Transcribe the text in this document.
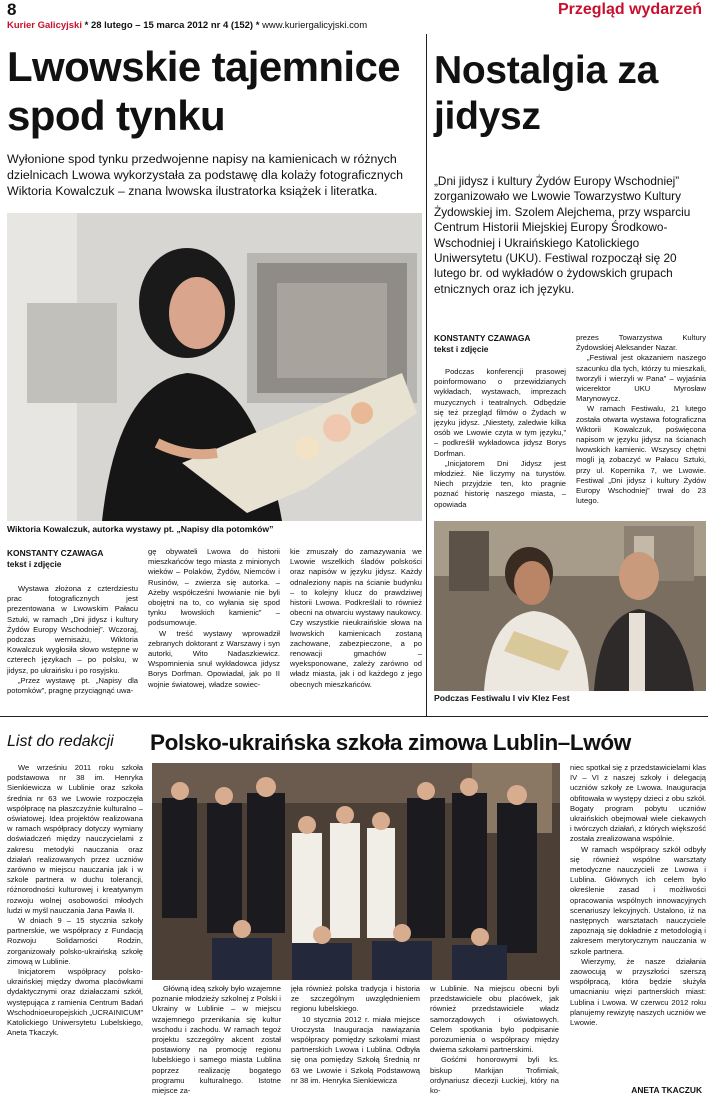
8
Kurier Galicyjski * 28 lutego – 15 marca 2012 nr 4 (152) * www.kuriergalicyjski.com
Przegląd wydarzeń
Lwowskie tajemnice spod tynku

Wyłonione spod tynku przedwojenne napisy na kamienicach w różnych dzielnicach Lwowa wykorzystała za podstawę dla kolaży fotograficznych Wiktoria Kowalczuk – znana lwowska ilustratorka książek i literatka.

Wiktoria Kowalczuk, autorka wystawy pt. „Napisy dla potomków”
KONSTANTY CZAWAGA
tekst i zdjęcie

Wystawa złożona z czterdziestu prac fotograficznych jest prezentowana w Lwowskim Pałacu Sztuki, w ramach „Dni jidysz i kultury Żydów Europy Wschodniej”. Wczoraj, podczas wernisażu, Wiktoria Kowalczuk wygłosiła słowo wstępne w czterech językach – po polsku, w jidysz, po ukraińsku i po rosyjsku.

„Przez wystawę pt. „Napisy dla potomków”, pragnę przyciągnąć uwa-

gę obywateli Lwowa do historii mieszkańców tego miasta z minionych wieków – Polaków, Żydów, Niemców i Rusinów, – zwierza się autorka. – Ażeby współcześni lwowianie nie byli obojętni na to, co wyłania się spod tynku lwowskich kamienic” – podsumowuje.

W treść wystawy wprowadził zebranych doktorant z Warszawy i syn autorki, Wito Nadaszkiewicz. Wspomnienia snuł wykładowca jidysz Borys Dorfman. Opowiadał, jak po II wojnie światowej, władze sowiec-

kie zmuszały do zamazywania we Lwowie wszelkich śladów polskości oraz napisów w języku jidysz. Każdy odnaleziony napis na ścianie budynku – to kolejny klucz do prawdziwej historii Lwowa. Podkreślali to również obecni na otwarciu wystawy naukowcy. Czy wszystkie nieukraińskie słowa na lwowskich kamienicach zostaną zachowane, zabezpieczone, a po renowacji gmachów – wyeksponowane, zależy zarówno od władz miasta, jak i od każdego z jego obecnych mieszkańców.

Nostalgia za jidysz

„Dni jidysz i kultury Żydów Europy Wschodniej” zorganizowało we Lwowie Towarzystwo Kultury Żydowskiej im. Szolem Alejchema, przy wsparciu Centrum Historii Miejskiej Europy Środkowo-Wschodniej i Ukraińskiego Katolickiego Uniwersytetu (UKU). Festiwal rozpoczął się 20 lutego br. od wykładów o żydowskich grupach etnicznych oraz ich języku.

KONSTANTY CZAWAGA
tekst i zdjęcie

Podczas konferencji prasowej poinformowano o przewidzianych wykładach, wystawach, imprezach muzycznych i teatralnych. Odbędzie się też przegląd filmów o Żydach w języku jidysz. „Niestety, zaledwie kilka osób we Lwowie czyta w tym języku,” – podkreślił wykładowca jidysz Borys Dorfman.

„Inicjatorem Dni Jidysz jest młodzież. Nie liczymy na turystów. Niech przyjdzie ten, kto pragnie poznać historię naszego miasta, – opowiada

prezes Towarzystwa Kultury Żydowskiej Aleksander Nazar.

„Festiwal jest okazaniem naszego szacunku dla tych, którzy tu mieszkali, tworzyli i wierzyli w Pana” – wyjaśnia wicerektor UKU Myrosław Marynowycz.

W ramach Festiwalu, 21 lutego została otwarta wystawa fotograficzna Wiktorii Kowalczuk, poświęcona napisom w języku jidysz na ścianach lwowskich kamienic. Wszyscy chętni mogli ją zobaczyć w Pałacu Sztuki, przy ul. Kopernika 7, we Lwowie. Festiwal „Dni jidysz i kultury Żydów Europy Wschodniej” trwał do 23 lutego.

Podczas Festiwalu I viv Klez Fest
List do redakcji Polsko-ukraińska szkoła zimowa Lublin–Lwów

We wrześniu 2011 roku szkoła podstawowa nr 38 im. Henryka Sienkiewicza w Lublinie oraz szkoła średnia nr 63 we Lwowie rozpoczęła współpracę na płaszczyźnie kulturalno – oświatowej. Idea projektów realizowana w ramach współpracy dotyczy wymiany doświadczeń między nauczycielami z zakresu metodyki nauczania oraz działań realizowanych przez uczniów zarówno w miejscu nauczania jak i w szkole partnera w duchu tolerancji, różnorodności kulturowej i kreatywnym rozwoju wolnej osobowości młodych ludzi w myśl nauczania Jana Pawła II.

W dniach 9 – 15 stycznia szkoły partnerskie, we współpracy z Fundacją Rozwoju Solidarności Rodzin, zorganizowały polsko-ukraińską szkołę zimową w Lublinie.

Inicjatorem współpracy polsko-ukraińskiej między dwoma placówkami dydaktycznymi oraz działaczami szkół, występująca z ramienia Centrum Badań Wschodnioeuropejskich „UCRAINICUM” Katolickiego Uniwersytetu Lubelskiego, Aneta Tkaczyk.

Główną ideą szkoły było wzajemne poznanie młodzieży szkolnej z Polski i Ukrainy w Lublinie – w miejscu wzajemnego przenikania się kultur wschodu i zachodu. W ramach tegoż projektu szczególny akcent został postawiony na promocję regionu lubelskiego i samego miasta Lublina poprzez realizację bogatego programu kulturalnego. Istotne miejsce za-

jęła również polska tradycja i historia ze szczególnym uwzględnieniem regionu lubelskiego.

10 stycznia 2012 r. miała miejsce Uroczysta Inauguracja nawiązania współpracy pomiędzy szkołami miast partnerskich Lwowa i Lublina. Odbyła się ona pomiędzy Szkołą Średnią nr 63 we Lwowie i Szkołą Podstawową nr 38 im. Henryka Sienkiewicza

w Lublinie. Na miejscu obecni byli przedstawiciele obu placówek, jak również przedstawiciele władz samorządowych i oświatowych. Celem spotkania było podpisanie porozumienia o współpracy między dwiema szkołami partnerskimi.

Gośćmi honorowymi byli ks. biskup Markijan Trofimiak, ordynariusz diecezji Łuckiej, który na ko-

niec spotkał się z przedstawicielami klas IV – VI z naszej szkoły i delegacją uczniów szkoły ze Lwowa. Inauguracja obfitowała w występy dzieci z obu szkół. Bogaty program pobytu uczniów ukraińskich obejmował wiele ciekawych i twórczych działań, z których większość została zrealizowana wspólnie.

W ramach współpracy szkół odbyły się również wspólne warsztaty metodyczne nauczycieli ze Lwowa i Lublina. Głównych ich celem było określenie zasad i możliwości opracowania wspólnych innowacyjnych scenariuszy lekcyjnych. Ustalono, iż na następnych warsztatach nauczyciele zapoznają się dokładnie z metodologią i zakresem merytorycznym nauczania w szkole partnera.

Wierzymy, że nasze działania zaowocują w przyszłości szerszą współpracą, która będzie służyła umacnianiu więzi partnerskich miast: Lublina i Lwowa. W czerwcu 2012 roku planujemy rewizytę naszych uczniów we Lwowie.

ANETA TKACZUK
